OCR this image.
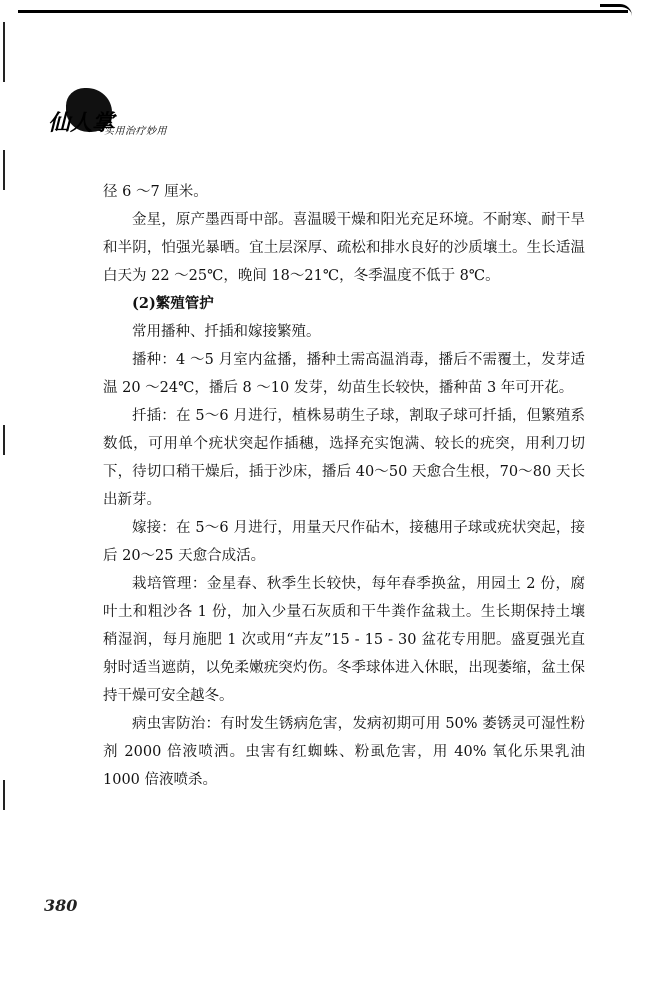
仙人掌
实用治疗妙用

径 6 ～7 厘米。

金星，原产墨西哥中部。喜温暖干燥和阳光充足环境。不耐寒、耐干旱和半阴，怕强光暴晒。宜土层深厚、疏松和排水良好的沙质壤土。生长适温白天为 22 ～25℃，晚间 18～21℃，冬季温度不低于 8℃。

(2)繁殖管护

常用播种、扦插和嫁接繁殖。

播种：4 ～5 月室内盆播，播种土需高温消毒，播后不需覆土，发芽适温 20 ～24℃，播后 8 ～10 发芽，幼苗生长较快，播种苗 3 年可开花。

扦插：在 5～6 月进行，植株易萌生子球，割取子球可扦插，但繁殖系数低，可用单个疣状突起作插穗，选择充实饱满、较长的疣突，用利刀切下，待切口稍干燥后，插于沙床，播后 40～50 天愈合生根，70～80 天长出新芽。

嫁接：在 5～6 月进行，用量天尺作砧木，接穗用子球或疣状突起，接后 20～25 天愈合成活。

栽培管理：金星春、秋季生长较快，每年春季换盆，用园土 2 份，腐叶土和粗沙各 1 份，加入少量石灰质和干牛粪作盆栽土。生长期保持土壤稍湿润，每月施肥 1 次或用“卉友”15 - 15 - 30 盆花专用肥。盛夏强光直射时适当遮荫，以免柔嫩疣突灼伤。冬季球体进入休眠，出现萎缩，盆土保持干燥可安全越冬。

病虫害防治：有时发生锈病危害，发病初期可用 50% 萎锈灵可湿性粉剂 2000 倍液喷洒。虫害有红蜘蛛、粉虱危害，用 40% 氧化乐果乳油 1000 倍液喷杀。

380
